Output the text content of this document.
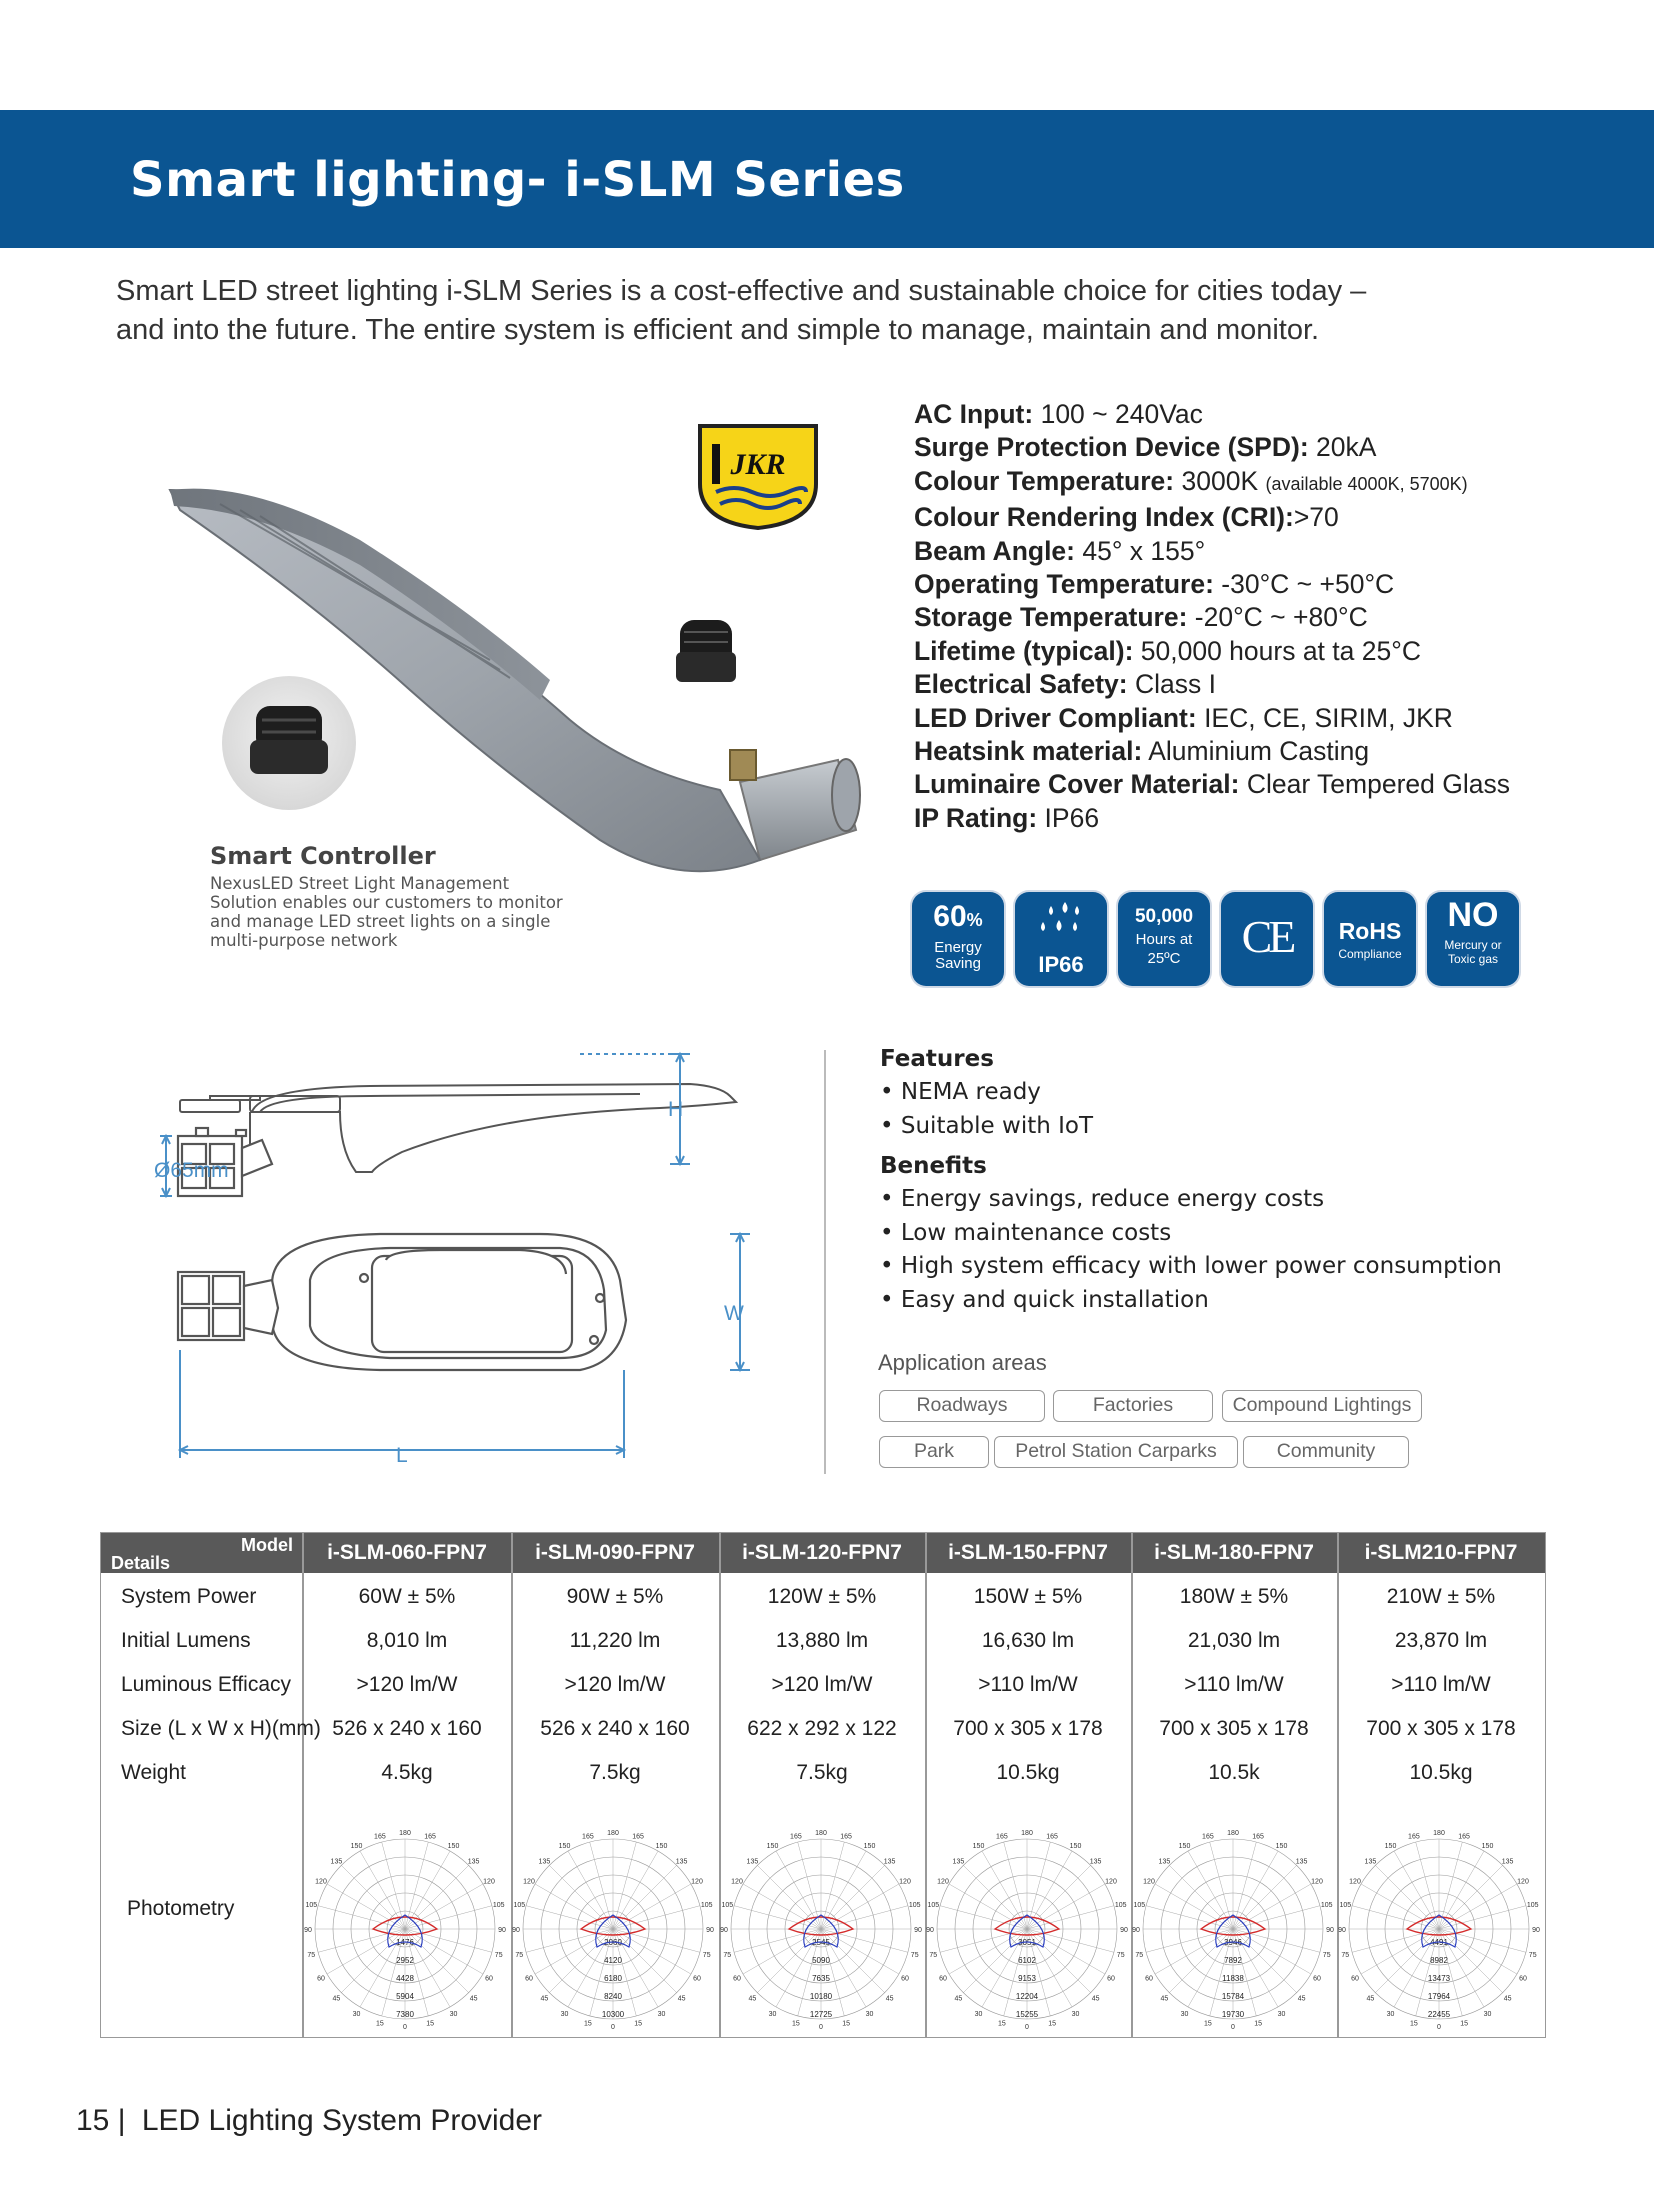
Smart lighting- i-SLM Series
Smart LED street lighting i-SLM Series is a cost-effective and sustainable choice for cities today –
and into the future. The entire system is efficient and simple to manage, maintain and monitor.
JKR
Smart Controller
NexusLED Street Light Management
Solution enables our customers to monitor
and manage LED street lights on a single
multi-purpose network
AC Input: 100 ~ 240Vac
Surge Protection Device (SPD): 20kA
Colour Temperature: 3000K (available 4000K, 5700K)
Colour Rendering Index (CRI):>70
Beam Angle: 45° x 155°
Operating Temperature: -30°C ~ +50°C
Storage Temperature: -20°C ~ +80°C
Lifetime (typical): 50,000 hours at ta 25°C
Electrical Safety: Class I
LED Driver Compliant: IEC, CE, SIRIM, JKR
Heatsink material: Aluminium Casting
Luminaire Cover Material: Clear Tempered Glass
IP Rating: IP66
60%
Energy
Saving	IP66
50,000
Hours at
25ºC	CE	RoHS
Compliance
NO
Mercury or
Toxic gas
Ø65mm
H
W
L
Features
• NEMA ready
• Suitable with IoT
Benefits
• Energy savings, reduce energy costs
• Low maintenance costs
• High system efficacy with lower power consumption
• Easy and quick installation
Application areas
Roadways	Factories	Compound Lightings
Park	Petrol Station Carparks	Community
Details
Model	i-SLM-060-FPN7	i-SLM-090-FPN7	i-SLM-120-FPN7	i-SLM-150-FPN7	i-SLM-180-FPN7	i-SLM210-FPN7
System Power	60W ± 5%	90W ± 5%	120W ± 5%	150W ± 5%	180W ± 5%	210W ± 5%
Initial Lumens	8,010 lm	11,220 lm	13,880 lm	16,630 lm	21,030 lm	23,870 lm
Luminous Efficacy	>120 lm/W	>120 lm/W	>120 lm/W	>110 lm/W	>110 lm/W	>110 lm/W
Size (L x W x H)(mm) 526 x 240 x 160	526 x 240 x 160	622 x 292 x 122	700 x 305 x 178	700 x 305 x 178	700 x 305 x 178
Weight	4.5kg	7.5kg	7.5kg	10.5kg	10.5k	10.5kg
Photometry
180 165
165
150
150
135
135
120
120
105
105
90
90
75
75
60
60
45
45
30
30
15
15	0
1476
2952
4428
5904
7380
180 165
165
150
150
135
135
120
120
105
105
90
90
75
75
60
60
45
45
30
30
15
15	0
2060
4120
6180
8240
10300
180 165
165
150
150
135
135
120
120
105
105
90
90
75
75
60
60
45
45
30
30
15
15	0
2545
5090
7635
10180
12725
180 165
165
150
150
135
135
120
120
105
105
90
90
75
75
60
60
45
45
30
30
15
15	0
3051
6102
9153
12204
15255
180 165
165
150
150
135
135
120
120
105
105
90
90
75
75
60
60
45
45
30
30
15
15	0
3946
7892
11838
15784
19730
180 165
165
150
150
135
135
120
120
105
105
90
90
75
75
60
60
45
45
30
30
15
15	0
4491
8982
13473
17964
22455
15 | LED Lighting System Provider
